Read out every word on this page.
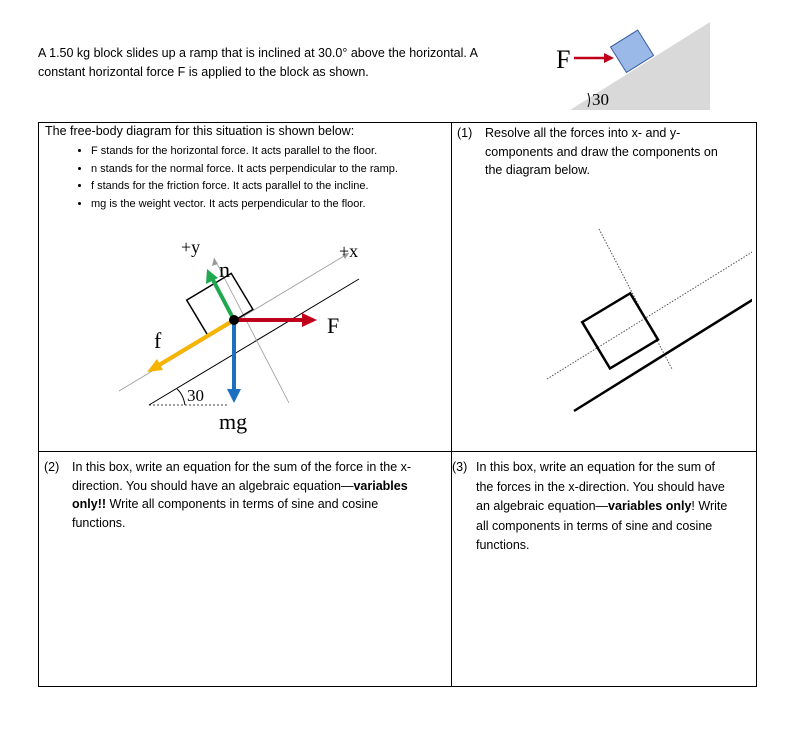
A 1.50 kg block slides up a ramp that is inclined at 30.0° above the horizontal. A
constant horizontal force F is applied to the block as shown.	F
30
The free-body diagram for this situation is shown below:
• F stands for the horizontal force. It acts parallel to the floor.
• n stands for the normal force. It acts perpendicular to the ramp.
• f stands for the friction force. It acts parallel to the incline.
• mg is the weight vector. It acts perpendicular to the floor.
+y	+x
n
f
F
mg
30
(1)	Resolve all the forces into x- and y-
components and draw the components on
the diagram below.
(2)	In this box, write an equation for the sum of the force in the x-
direction. You should have an algebraic equation—variables
only!! Write all components in terms of sine and cosine
functions.
(3) In this box, write an equation for the sum of
the forces in the x-direction. You should have
an algebraic equation—variables only! Write
all components in terms of sine and cosine
functions.
